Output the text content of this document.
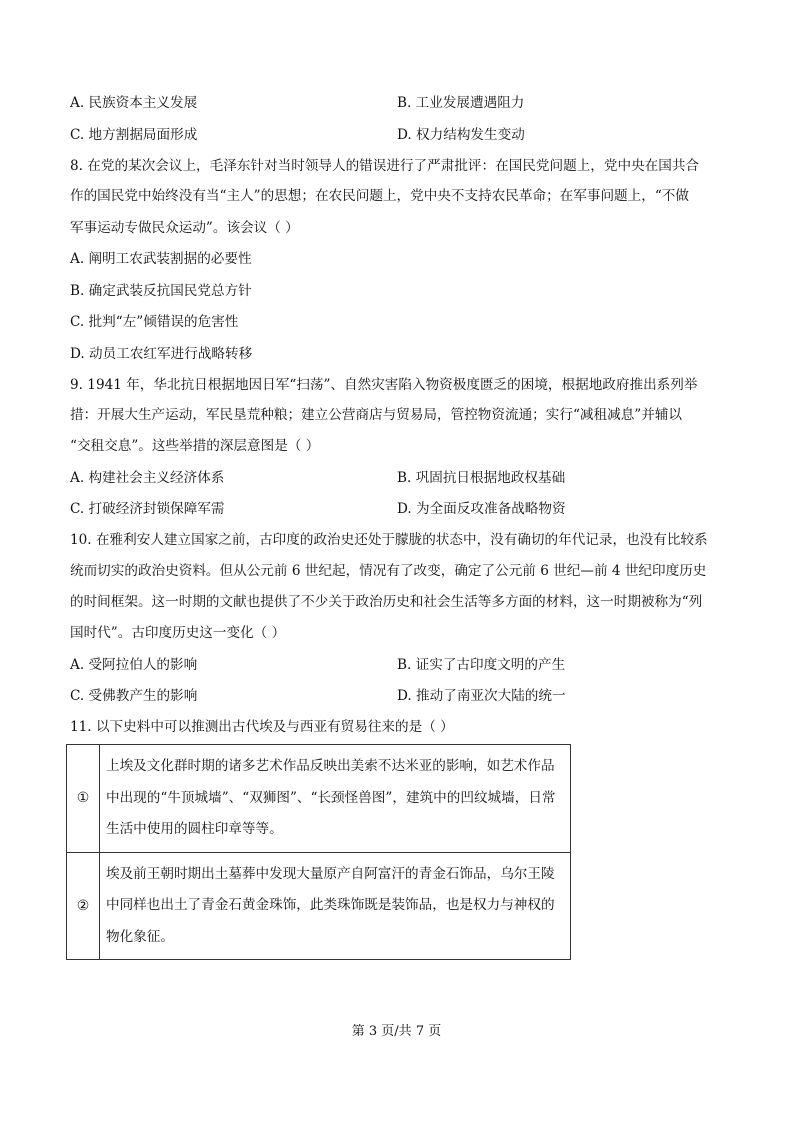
A. 民族资本主义发展	B. 工业发展遭遇阻力
C. 地方割据局面形成	D. 权力结构发生变动
8. 在党的某次会议上，毛泽东针对当时领导人的错误进行了严肃批评：在国民党问题上，党中央在国共合
作的国民党中始终没有当“主人”的思想；在农民问题上，党中央不支持农民革命；在军事问题上，“不做
军事运动专做民众运动”。该会议（ ）
A. 阐明工农武装割据的必要性
B. 确定武装反抗国民党总方针
C. 批判“左”倾错误的危害性
D. 动员工农红军进行战略转移
9. 1941 年，华北抗日根据地因日军“扫荡”、自然灾害陷入物资极度匮乏的困境，根据地政府推出系列举
措：开展大生产运动，军民垦荒种粮；建立公营商店与贸易局，管控物资流通；实行“减租减息”并辅以
“交租交息”。这些举措的深层意图是（ ）
A. 构建社会主义经济体系	B. 巩固抗日根据地政权基础
C. 打破经济封锁保障军需	D. 为全面反攻准备战略物资
10. 在雅利安人建立国家之前，古印度的政治史还处于朦胧的状态中，没有确切的年代记录，也没有比较系
统而切实的政治史资料。但从公元前 6 世纪起，情况有了改变，确定了公元前 6 世纪—前 4 世纪印度历史
的时间框架。这一时期的文献也提供了不少关于政治历史和社会生活等多方面的材料，这一时期被称为“列
国时代”。古印度历史这一变化（ ）
A. 受阿拉伯人的影响	B. 证实了古印度文明的产生
C. 受佛教产生的影响	D. 推动了南亚次大陆的统一
11. 以下史料中可以推测出古代埃及与西亚有贸易往来的是（ ）
①	上埃及文化群时期的诸多艺术作品反映出美索不达米亚的影响，如艺术作品中出现的“牛顶城墙”、“双狮图”、“长颈怪兽图”，建筑中的凹纹城墙，日常生活中使用的圆柱印章等等。
②	埃及前王朝时期出土墓葬中发现大量原产自阿富汗的青金石饰品，乌尔王陵中同样也出土了青金石黄金珠饰，此类珠饰既是装饰品，也是权力与神权的物化象征。
第 3 页/共 7 页
